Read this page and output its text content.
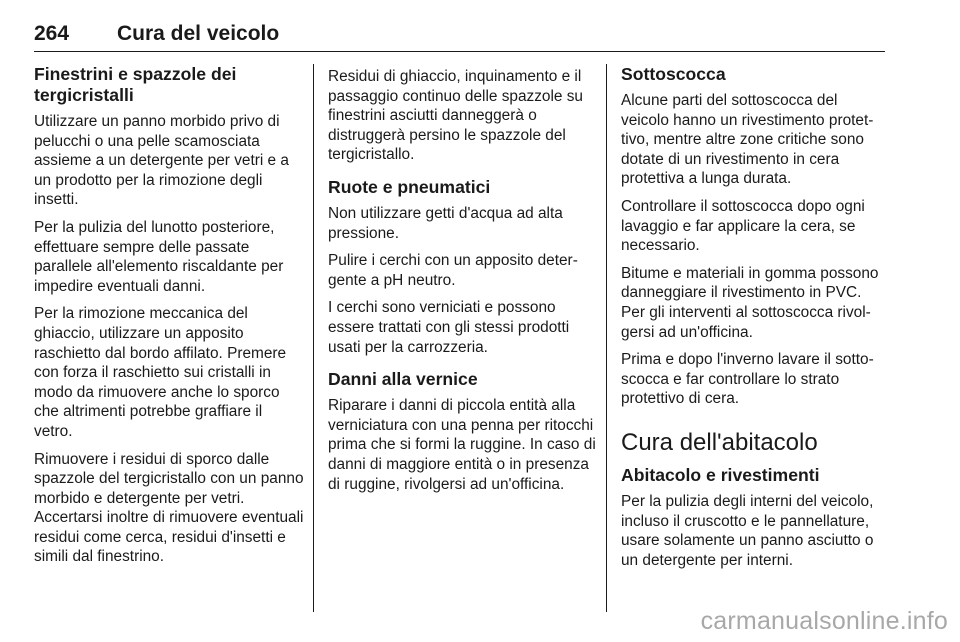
264 Cura del veicolo
Finestrini e spazzole dei tergicristalli

Utilizzare un panno morbido privo di pelucchi o una pelle scamosciata assieme a un detergente per vetri e a un prodotto per la rimozione degli insetti.

Per la pulizia del lunotto posteriore, effettuare sempre delle passate parallele all'elemento riscaldante per impedire eventuali danni.

Per la rimozione meccanica del ghiaccio, utilizzare un apposito raschietto dal bordo affilato. Premere con forza il raschietto sui cristalli in modo da rimuovere anche lo sporco che altrimenti potrebbe graffiare il vetro.

Rimuovere i residui di sporco dalle spazzole del tergicristallo con un panno morbido e detergente per vetri. Accertarsi inoltre di rimuovere eventuali residui come cerca, residui d'insetti e simili dal finestrino.

Residui di ghiaccio, inquinamento e il passaggio continuo delle spazzole su finestrini asciutti danneggerà o distruggerà persino le spazzole del tergicristallo.

Ruote e pneumatici

Non utilizzare getti d'acqua ad alta pressione.

Pulire i cerchi con un apposito detergente a pH neutro.

I cerchi sono verniciati e possono essere trattati con gli stessi prodotti usati per la carrozzeria.

Danni alla vernice

Riparare i danni di piccola entità alla verniciatura con una penna per ritocchi prima che si formi la ruggine. In caso di danni di maggiore entità o in presenza di ruggine, rivolgersi ad un'officina.

Sottoscocca

Alcune parti del sottoscocca del veicolo hanno un rivestimento protettivo, mentre altre zone critiche sono dotate di un rivestimento in cera protettiva a lunga durata.

Controllare il sottoscocca dopo ogni lavaggio e far applicare la cera, se necessario.

Bitume e materiali in gomma possono danneggiare il rivestimento in PVC. Per gli interventi al sottoscocca rivolgersi ad un'officina.

Prima e dopo l'inverno lavare il sottoscocca e far controllare lo strato protettivo di cera.

Cura dell'abitacolo
Abitacolo e rivestimenti

Per la pulizia degli interni del veicolo, incluso il cruscotto e le pannellature, usare solamente un panno asciutto o un detergente per interni.

carmanualsonline.info
